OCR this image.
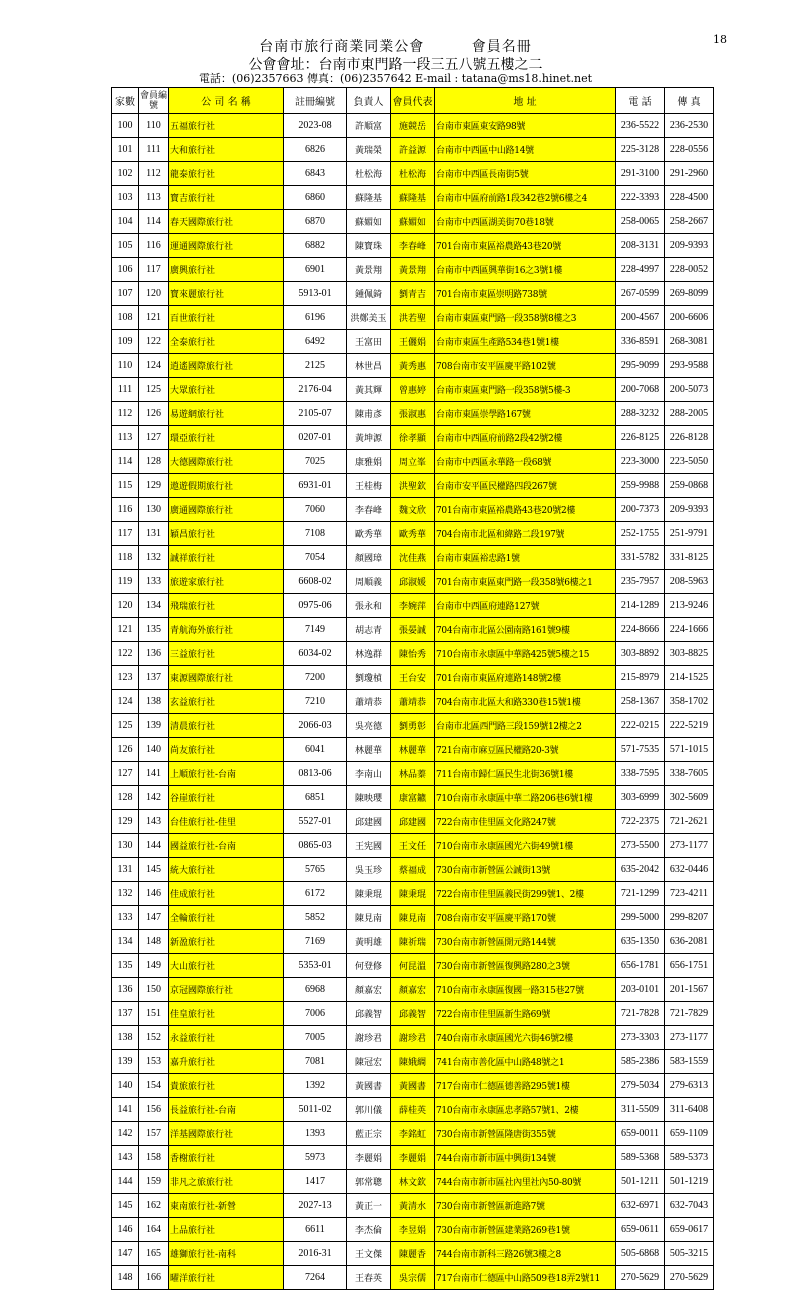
18
台南市旅行商業同業公會	會員名冊
公會會址：台南市東門路一段三五八號五樓之二
電話：(06)2357663 傳真：(06)2357642 E-mail : tatana@ms18.hinet.net
家數	會員編號	公 司 名 稱	註冊編號	負責人	會員代表	地 址	電 話	傳 真
100	110	五福旅行社	2023-08	許順富	施競岳	台南市東區東安路98號	236-5522	236-2530
101	111	大和旅行社	6826	黃瑞榮	許益源	台南市中西區中山路14號	225-3128	228-0556
102	112	龍泰旅行社	6843	杜松海	杜松海	台南市中西區長南街5號	291-3100	291-2960
103	113	寶吉旅行社	6860	蘇隆基	蘇隆基	台南市中區府前路1段342巷2號6樓之4	222-3393	228-4500
104	114	春天國際旅行社	6870	蘇媚如	蘇媚如	台南市中西區湖美街70巷18號	258-0065	258-2667
105	116	運通國際旅行社	6882	陳寶珠	李春峰	701台南市東區裕農路43巷20號	208-3131	209-9393
106	117	廣興旅行社	6901	黃景翔	黃景翔	台南市中西區興華街16之3號1樓	228-4997	228-0052
107	120	寶來麗旅行社	5913-01	鍾佩錡	劉青吉	701台南市東區崇明路738號	267-0599	269-8099
108	121	百世旅行社	6196	洪鄭美玉	洪若聖	台南市東區東門路一段358號8樓之3	200-4567	200-6606
109	122	全泰旅行社	6492	王富田	王儷娟	台南市東區生產路534巷1號1樓	336-8591	268-3081
110	124	逍遙國際旅行社	2125	林世昌	黃秀惠	708台南市安平區慶平路102號	295-9099	293-9588
111	125	大眾旅行社	2176-04	黃其輝	曾惠婷	台南市東區東門路一段358號5樓-3	200-7068	200-5073
112	126	易遊網旅行社	2105-07	陳甫彥	張淑惠	台南市東區崇學路167號	288-3232	288-2005
113	127	環亞旅行社	0207-01	黃坤源	徐孝顯	台南市中西區府前路2段42號2樓	226-8125	226-8128
114	128	大德國際旅行社	7025	康雅娟	周立峯	台南市中西區永華路一段68號	223-3000	223-5050
115	129	遨遊假期旅行社	6931-01	王桂梅	洪聖欽	台南市安平區民權路四段267號	259-9988	259-0868
116	130	廣通國際旅行社	7060	李春峰	魏文欣	701台南市東區裕農路43巷20號2樓	200-7373	209-9393
117	131	穎昌旅行社	7108	歐秀華	歐秀華	704台南市北區和緯路二段197號	252-1755	251-9791
118	132	誠祥旅行社	7054	顏國璋	沈佳燕	台南市東區裕忠路1號	331-5782	331-8125
119	133	旅遊家旅行社	6608-02	周順義	邱淑媛	701台南市東區東門路一段358號6樓之1	235-7957	208-5963
120	134	飛瑞旅行社	0975-06	張永和	李婉萍	台南市中西區府連路127號	214-1289	213-9246
121	135	青航海外旅行社	7149	胡志青	張晏誠	704台南市北區公園南路161號9樓	224-8666	224-1666
122	136	三益旅行社	6034-02	林逸群	陳怡秀	710台南市永康區中華路425號5樓之15	303-8892	303-8825
123	137	東源國際旅行社	7200	劉瓊楨	王台安	701台南市東區府連路148號2樓	215-8979	214-1525
124	138	玄益旅行社	7210	蕭靖恭	蕭靖恭	704台南市北區大和路330巷15號1樓	258-1367	358-1702
125	139	清晨旅行社	2066-03	吳亮德	劉勇彰	台南市北區西門路三段159號12樓之2	222-0215	222-5219
126	140	尚友旅行社	6041	林麗華	林麗華	721台南市麻豆區民權路20-3號	571-7535	571-1015
127	141	上順旅行社-台南	0813-06	李南山	林品蓁	711台南市歸仁區民生北街36號1樓	338-7595	338-7605
128	142	谷崖旅行社	6851	陳映瓔	康富鑣	710台南市永康區中華二路206巷6號1樓	303-6999	302-5609
129	143	台佳旅行社-佳里	5527-01	邱建國	邱建國	722台南市佳里區文化路247號	722-2375	721-2621
130	144	國益旅行社-台南	0865-03	王宪國	王文任	710台南市永康區國光六街49號1樓	273-5500	273-1177
131	145	統大旅行社	5765	吳玉珍	蔡福成	730台南市新營區公誠街13號	635-2042	632-0446
132	146	佳成旅行社	6172	陳秉琨	陳秉琨	722台南市佳里區義民街299號1、2樓	721-1299	723-4211
133	147	全輪旅行社	5852	陳見南	陳見南	708台南市安平區慶平路170號	299-5000	299-8207
134	148	新盈旅行社	7169	黃明雄	陳祈瑞	730台南市新營區開元路144號	635-1350	636-2081
135	149	大山旅行社	5353-01	何登修	何昆溫	730台南市新營區復興路280之3號	656-1781	656-1751
136	150	京冠國際旅行社	6968	顏嘉宏	顏嘉宏	710台南市永康區復國一路315巷27號	203-0101	201-1567
137	151	佳皇旅行社	7006	邱義智	邱義智	722台南市佳里區新生路69號	721-7828	721-7829
138	152	永益旅行社	7005	謝珍君	謝珍君	740台南市永康區國光六街46號2樓	273-3303	273-1177
139	153	嘉升旅行社	7081	陳冠宏	陳娥綢	741台南市善化區中山路48號之1	585-2386	583-1559
140	154	貴旅旅行社	1392	黃國書	黃國書	717台南市仁德區德善路295號1樓	279-5034	279-6313
141	156	長益旅行社-台南	5011-02	郭川儀	薛桂英	710台南市永康區忠孝路57號1、2樓	311-5509	311-6408
142	157	洋基國際旅行社	1393	藍正宗	李銘虹	730台南市新營區隆唐街355號	659-0011	659-1109
143	158	香榭旅行社	5973	李麗娟	李麗娟	744台南市新市區中興街134號	589-5368	589-5373
144	159	非凡之旅旅行社	1417	郭常聰	林文欽	744台南市新市區社內里社內50-80號	501-1211	501-1219
145	162	東南旅行社-新營	2027-13	黃正一	黃清水	730台南市新營區新進路7號	632-6971	632-7043
146	164	上品旅行社	6611	李杰倫	李昱娟	730台南市新營區建業路269巷1號	659-0611	659-0617
147	165	雄獅旅行社-南科	2016-31	王文傑	陳麗香	744台南市新科三路26號3樓之8	505-6868	505-3215
148	166	曜洋旅行社	7264	王春英	吳宗儒	717台南市仁德區中山路509巷18弄2號11	270-5629	270-5629
